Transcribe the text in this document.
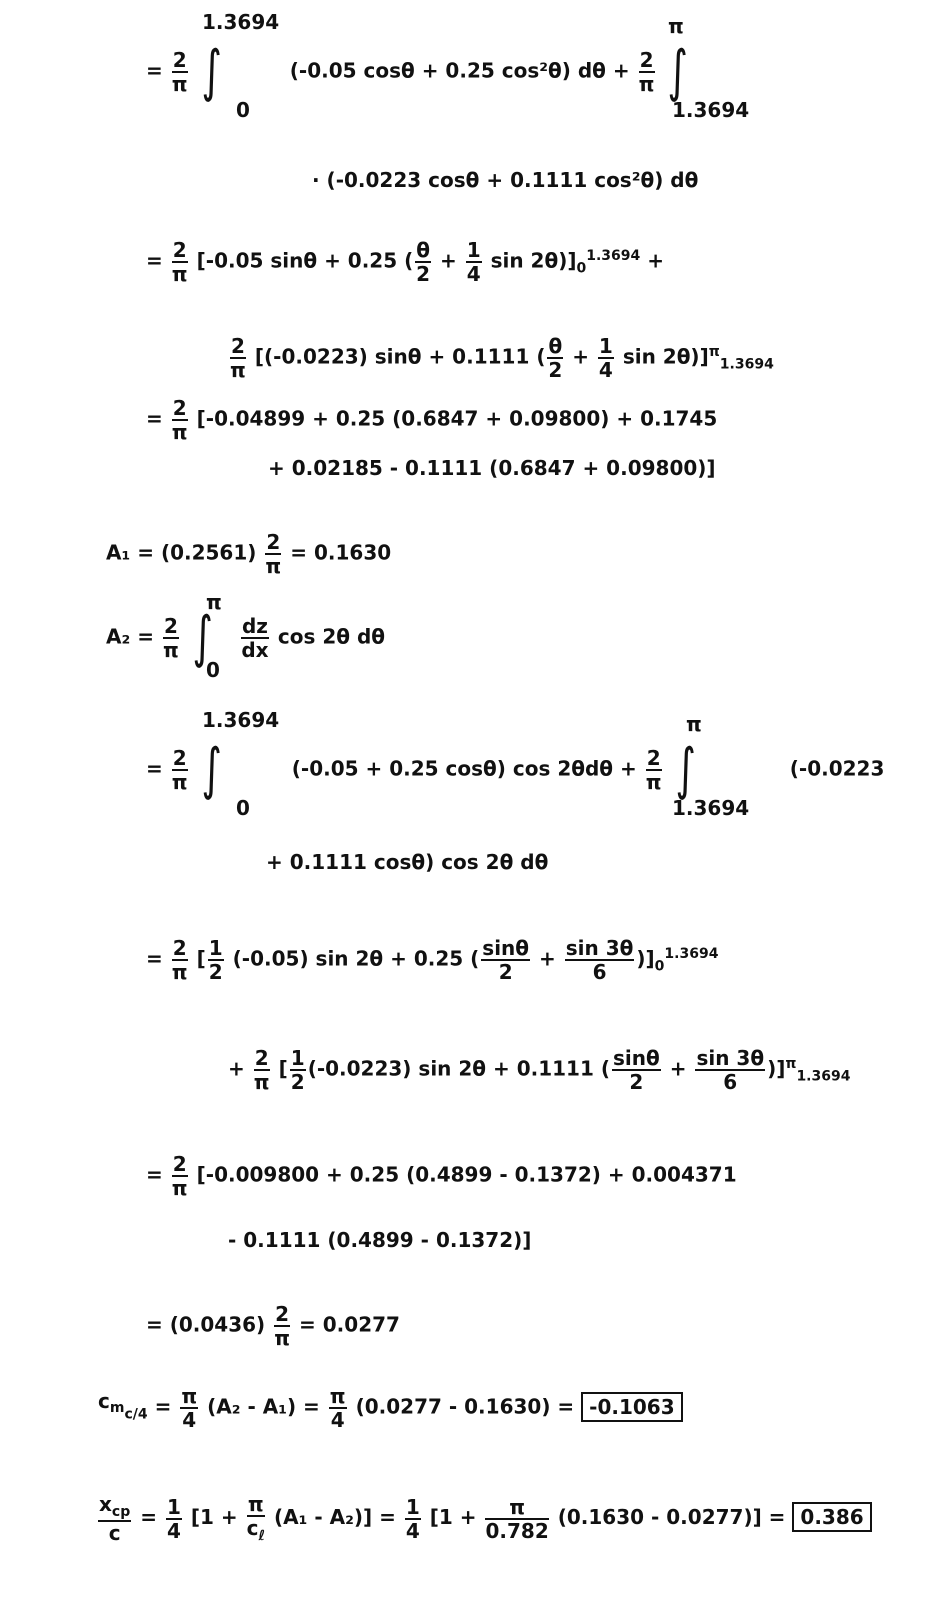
= $\frac{2}{\pi}$ ∫	(-0.05 cosθ + 0.25 cos²θ) $d\theta + \frac{2}{\pi}$ ∫
1.3694
0
π
1.3694
· (-0.0223 cosθ + 0.1111 cos²θ) dθ
= $\frac{2}{\pi} [-0.05$ sinθ + 0.25 ( $\frac{\theta}{2} + \frac{1}{4}$ $\sin 2\theta)]_0^{1.3694}$ +
$\frac{2}{\pi} [(-0.0223) \sin\theta + 0.1111$ ( $\frac{\theta}{2} + \frac{1}{4}$ sin 2θ)]$^\pi_{1.3694}$
= $\frac{2}{\pi} [-0.04899 + 0.25$ (0.6847 + 0.09800) + 0.1745
+ 0.02185 - 0.1111 (0.6847 + 0.09800)]
$A_1 = (0.2561) \frac{2}{\pi} = 0.1630$
$A_2 = \frac{2}{\pi}$ ∫ $\frac{dz}{dx}$ cos 2θ dθ
π
0
= $\frac{2}{\pi}$ ∫	(-0.05 + 0.25 cosθ) $\cos 2\theta d\theta + \frac{2}{\pi}$ ∫	(-0.0223
1.3694
0
π
1.3694
+ 0.1111 cosθ) cos 2θ dθ
= $\frac{2}{\pi}$ [ $\frac{1}{2} (-0.05)$ sin 2θ + 0.25 ( $\frac{\sin\theta}{2} + \frac{\sin 3\theta}{6} )]_0^{1.3694}$
+ $\frac{2}{\pi}$ [ $\frac{1}{2} (-0.0223)$ sin 2θ + 0.1111 ( $\frac{\sin\theta}{2} + \frac{\sin 3\theta}{6} )]^\pi_{1.3694}$
= $\frac{2}{\pi} [-0.009800 + 0.25$ (0.4899 - 0.1372) + 0.004371
- 0.1111 (0.4899 - 0.1372)]
= $(0.0436) \frac{2}{\pi} = 0.0277$
$cm_{c/4} = \frac{\pi}{4} (A_2 - A_1) = \frac{\pi}{4} (0.0277 - 0.1630) = -0.1063$
$\frac{x_{cp}}{c} = \frac{1}{4} [1 + \frac{\pi}{c_\ell} (A_1 - A_2)] = \frac{1}{4} [1 + \frac{\pi}{0.782} (0.1630 - 0.0277)] = 0.386$
